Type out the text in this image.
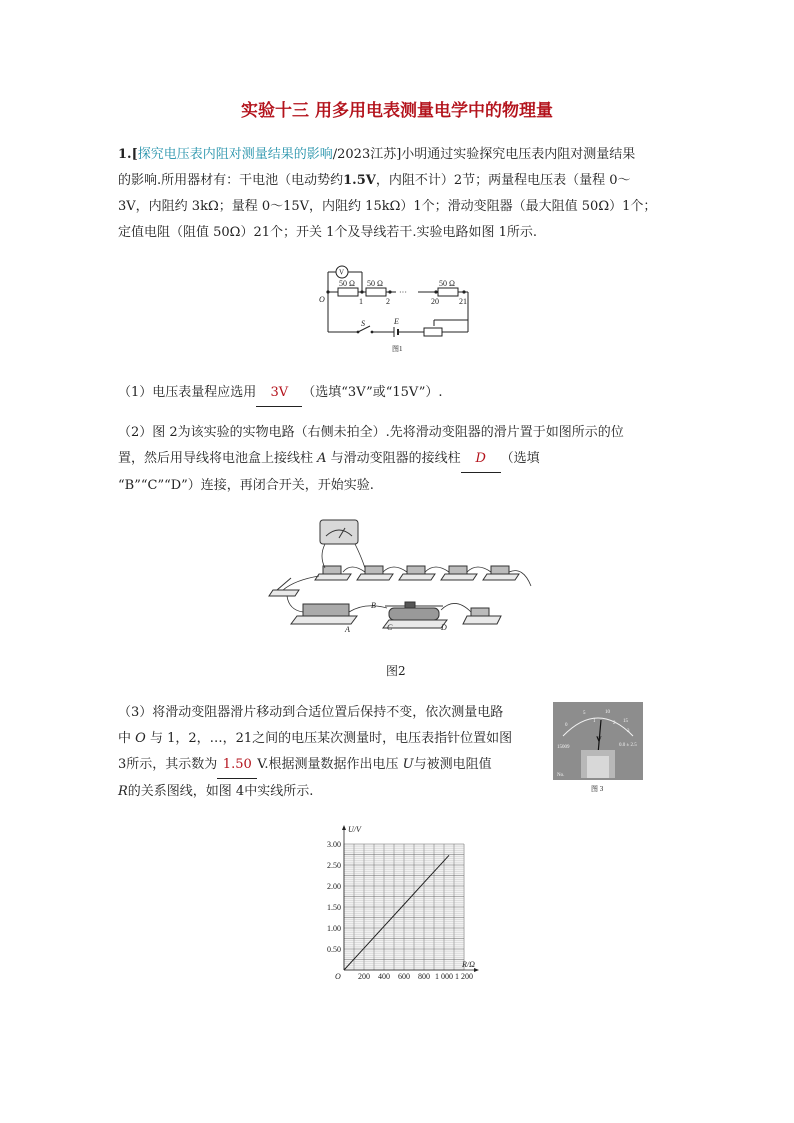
实验十三 用多用电表测量电学中的物理量
1.[探究电压表内阻对测量结果的影响/2023江苏]小明通过实验探究电压表内阻对测量结果
的影响.所用器材有：干电池（电动势约1.5V，内阻不计）2节；两量程电压表（量程 0～
3V，内阻约 3kΩ；量程 0～15V，内阻约 15kΩ）1个；滑动变阻器（最大阻值 50Ω）1个；
定值电阻（阻值 50Ω）21个；开关 1个及导线若干.实验电路如图 1所示.
V
50 Ω 50 Ω	50 Ω
···
O	1	2	20	21
S	E
图1
（1）电压表量程应选用 3V （选填“3V”或“15V”）.
（2）图 2为该实验的实物电路（右侧未拍全）.先将滑动变阻器的滑片置于如图所示的位
置，然后用导线将电池盒上接线柱 A 与滑动变阻器的接线柱 D （选填
“B”“C”“D”）连接，再闭合开关，开始实验.
A
B
C	D
图2
（3）将滑动变阻器滑片移动到合适位置后保持不变，依次测量电路
中 O 与 1，2，…，21之间的电压某次测量时，电压表指针位置如图
3所示，其示数为 1.50 V.根据测量数据作出电压 U与被测电阻值
R的关系图线，如图 4中实线所示.
0
5	10
15
1	2
3
15009	0.0 ± 2.5
No.
V
图 3
200 400 600 800 1 000 1 200
0.50
1.00
1.50
2.00
2.50
3.00
U/V
R/Ω
O
